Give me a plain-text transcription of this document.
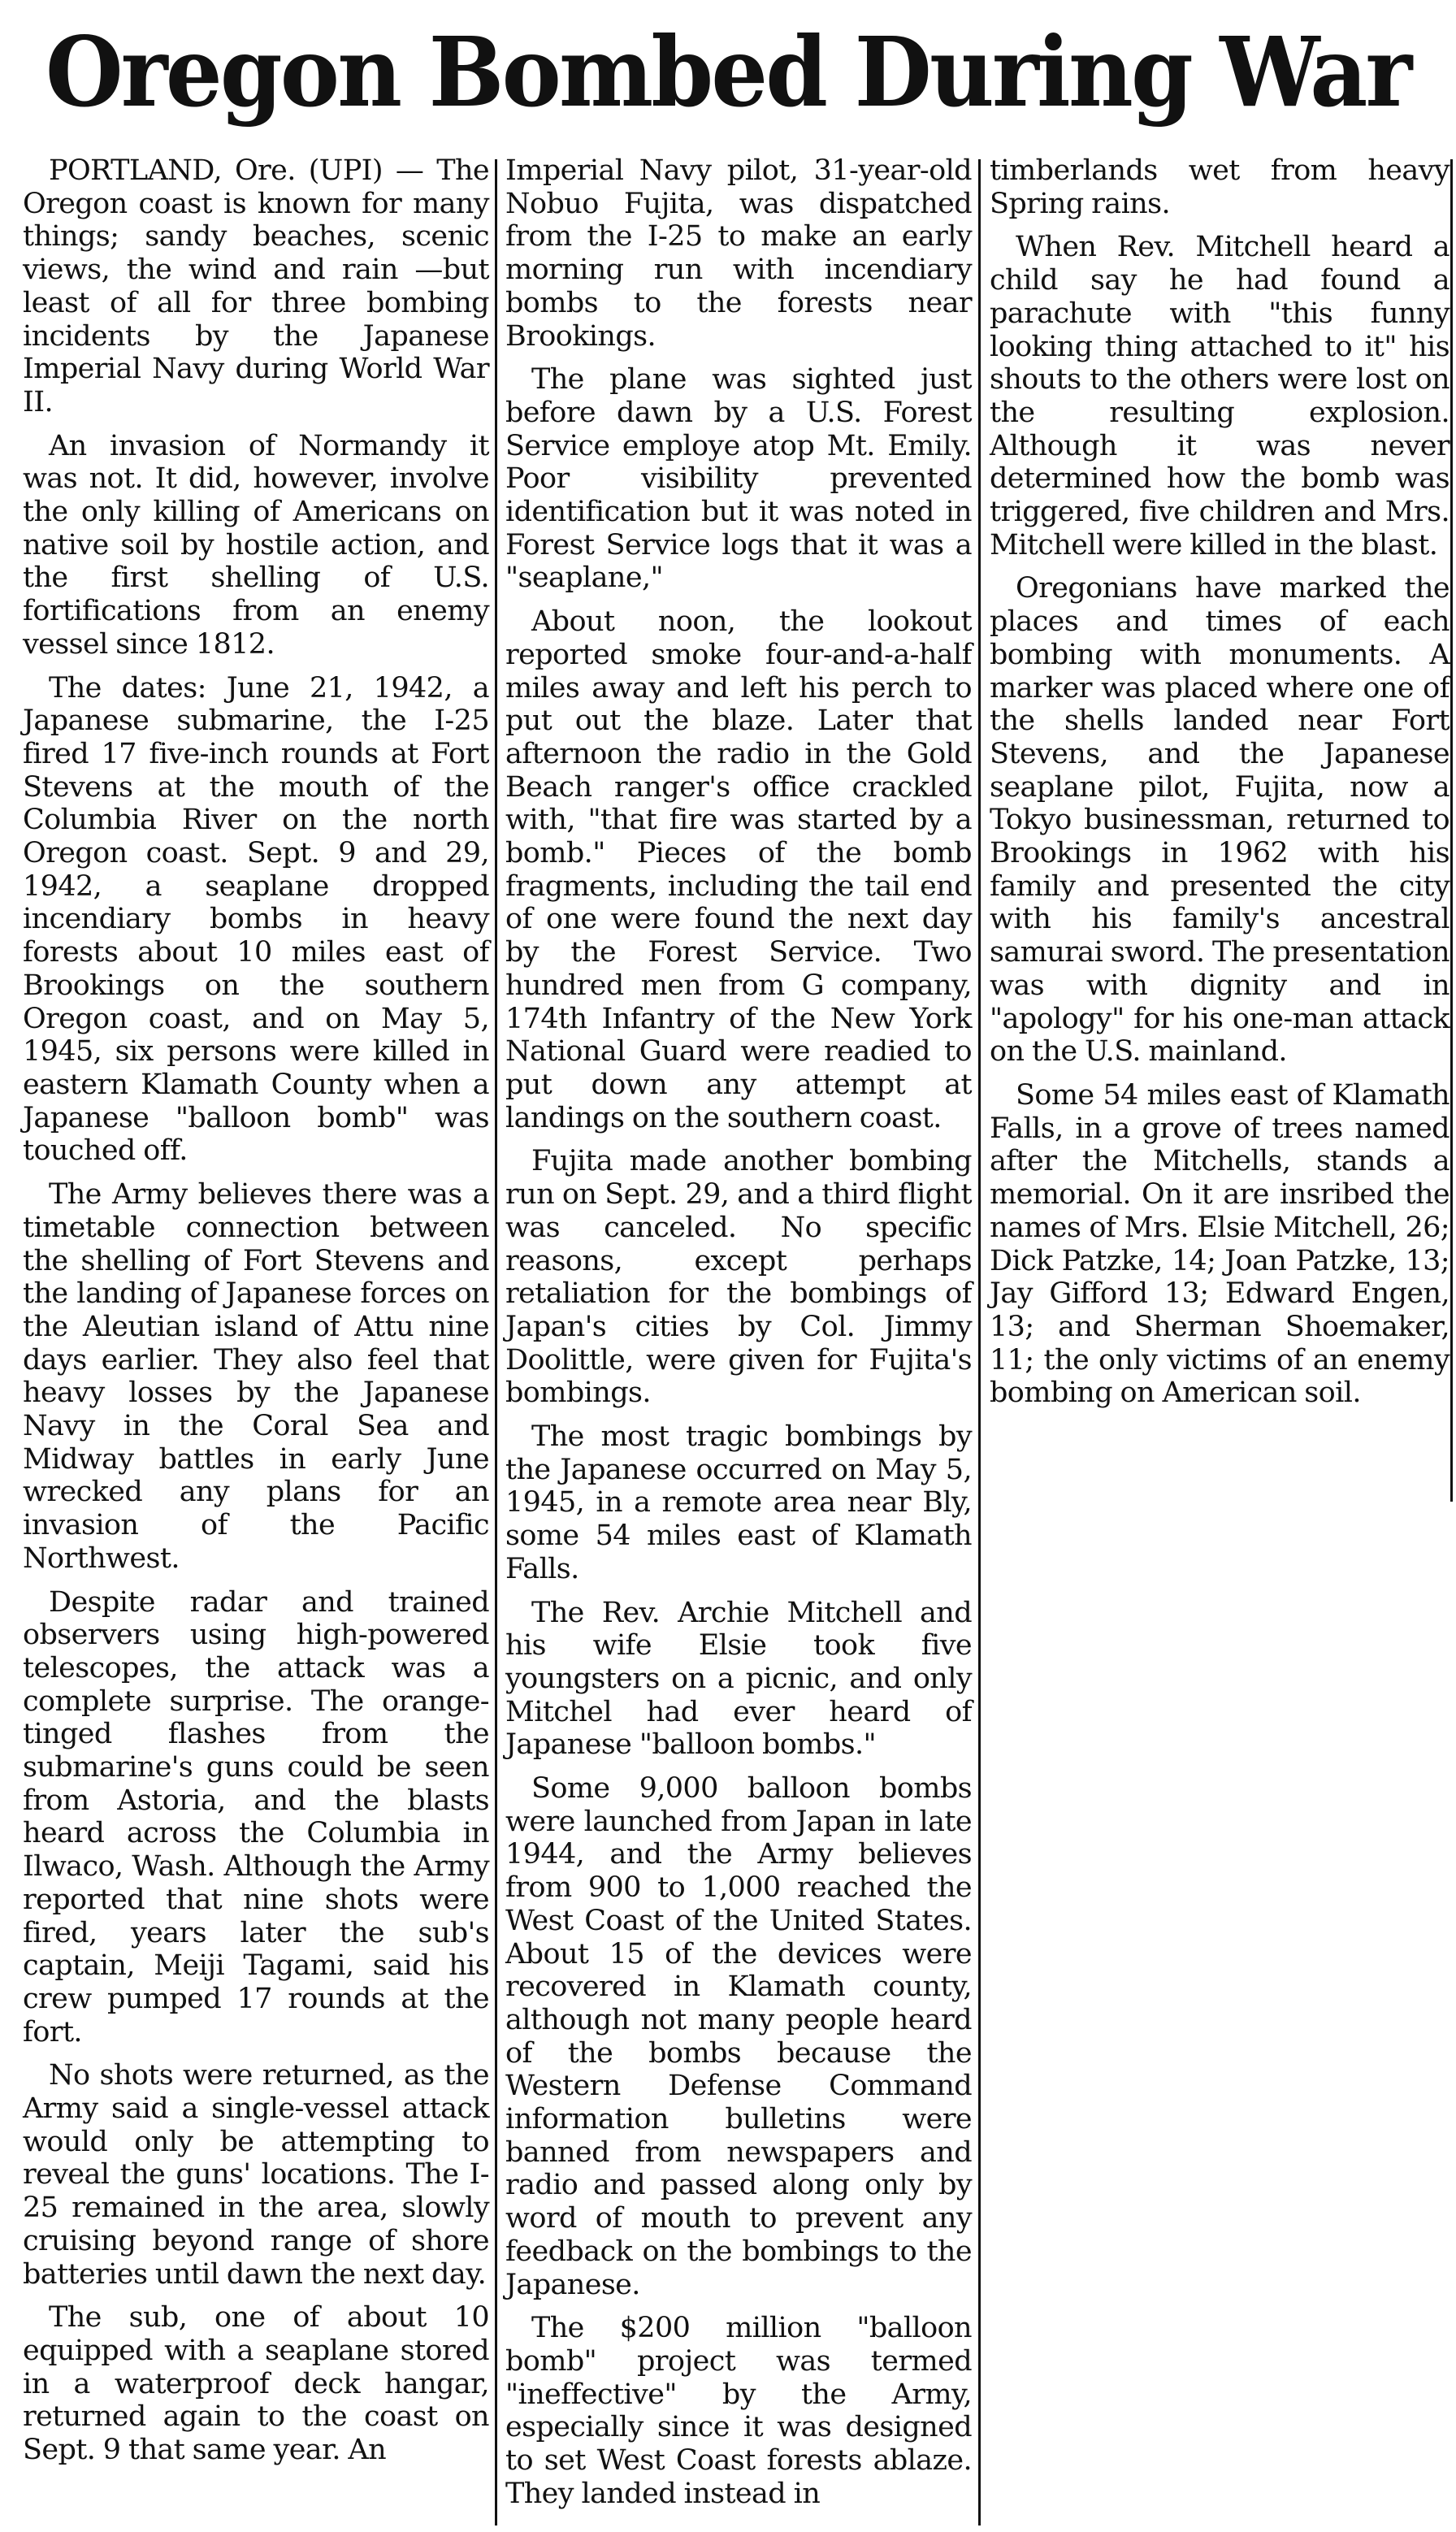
Oregon Bombed During War

PORTLAND, Ore. (UPI) — The Oregon coast is known for many things; sandy beaches, scenic views, the wind and rain —but least of all for three bombing incidents by the Japanese Imperial Navy during World War II.

An invasion of Normandy it was not. It did, however, involve the only killing of Americans on native soil by hostile action, and the first shelling of U.S. fortifications from an enemy vessel since 1812.

The dates: June 21, 1942, a Japanese submarine, the I-25 fired 17 five-inch rounds at Fort Stevens at the mouth of the Columbia River on the north Oregon coast. Sept. 9 and 29, 1942, a seaplane dropped incendiary bombs in heavy forests about 10 miles east of Brookings on the southern Oregon coast, and on May 5, 1945, six persons were killed in eastern Klamath County when a Japanese "balloon bomb" was touched off.

The Army believes there was a timetable connection between the shelling of Fort Stevens and the landing of Japanese forces on the Aleutian island of Attu nine days earlier. They also feel that heavy losses by the Japanese Navy in the Coral Sea and Midway battles in early June wrecked any plans for an invasion of the Pacific Northwest.

Despite radar and trained observers using high-powered telescopes, the attack was a complete surprise. The orange-tinged flashes from the submarine's guns could be seen from Astoria, and the blasts heard across the Columbia in Ilwaco, Wash. Although the Army reported that nine shots were fired, years later the sub's captain, Meiji Tagami, said his crew pumped 17 rounds at the fort.

No shots were returned, as the Army said a single-vessel attack would only be attempting to reveal the guns' locations. The I-25 remained in the area, slowly cruising beyond range of shore batteries until dawn the next day.

The sub, one of about 10 equipped with a seaplane stored in a waterproof deck hangar, returned again to the coast on Sept. 9 that same year. An

Imperial Navy pilot, 31-year-old Nobuo Fujita, was dispatched from the I-25 to make an early morning run with incendiary bombs to the forests near Brookings.

The plane was sighted just before dawn by a U.S. Forest Service employe atop Mt. Emily. Poor visibility prevented identification but it was noted in Forest Service logs that it was a "seaplane,"

About noon, the lookout reported smoke four-and-a-half miles away and left his perch to put out the blaze. Later that afternoon the radio in the Gold Beach ranger's office crackled with, "that fire was started by a bomb." Pieces of the bomb fragments, including the tail end of one were found the next day by the Forest Service. Two hundred men from G company, 174th Infantry of the New York National Guard were readied to put down any attempt at landings on the southern coast.

Fujita made another bombing run on Sept. 29, and a third flight was canceled. No specific reasons, except perhaps retaliation for the bombings of Japan's cities by Col. Jimmy Doolittle, were given for Fujita's bombings.

The most tragic bombings by the Japanese occurred on May 5, 1945, in a remote area near Bly, some 54 miles east of Klamath Falls.

The Rev. Archie Mitchell and his wife Elsie took five youngsters on a picnic, and only Mitchel had ever heard of Japanese "balloon bombs."

Some 9,000 balloon bombs were launched from Japan in late 1944, and the Army believes from 900 to 1,000 reached the West Coast of the United States. About 15 of the devices were recovered in Klamath county, although not many people heard of the bombs because the Western Defense Command information bulletins were banned from newspapers and radio and passed along only by word of mouth to prevent any feedback on the bombings to the Japanese.

The $200 million "balloon bomb" project was termed "ineffective" by the Army, especially since it was designed to set West Coast forests ablaze. They landed instead in

timberlands wet from heavy Spring rains.

When Rev. Mitchell heard a child say he had found a parachute with "this funny looking thing attached to it" his shouts to the others were lost on the resulting explosion. Although it was never determined how the bomb was triggered, five children and Mrs. Mitchell were killed in the blast.

Oregonians have marked the places and times of each bombing with monuments. A marker was placed where one of the shells landed near Fort Stevens, and the Japanese seaplane pilot, Fujita, now a Tokyo businessman, returned to Brookings in 1962 with his family and presented the city with his family's ancestral samurai sword. The presentation was with dignity and in "apology" for his one-man attack on the U.S. mainland.

Some 54 miles east of Klamath Falls, in a grove of trees named after the Mitchells, stands a memorial. On it are insribed the names of Mrs. Elsie Mitchell, 26; Dick Patzke, 14; Joan Patzke, 13; Jay Gifford 13; Edward Engen, 13; and Sherman Shoemaker, 11; the only victims of an enemy bombing on American soil.
